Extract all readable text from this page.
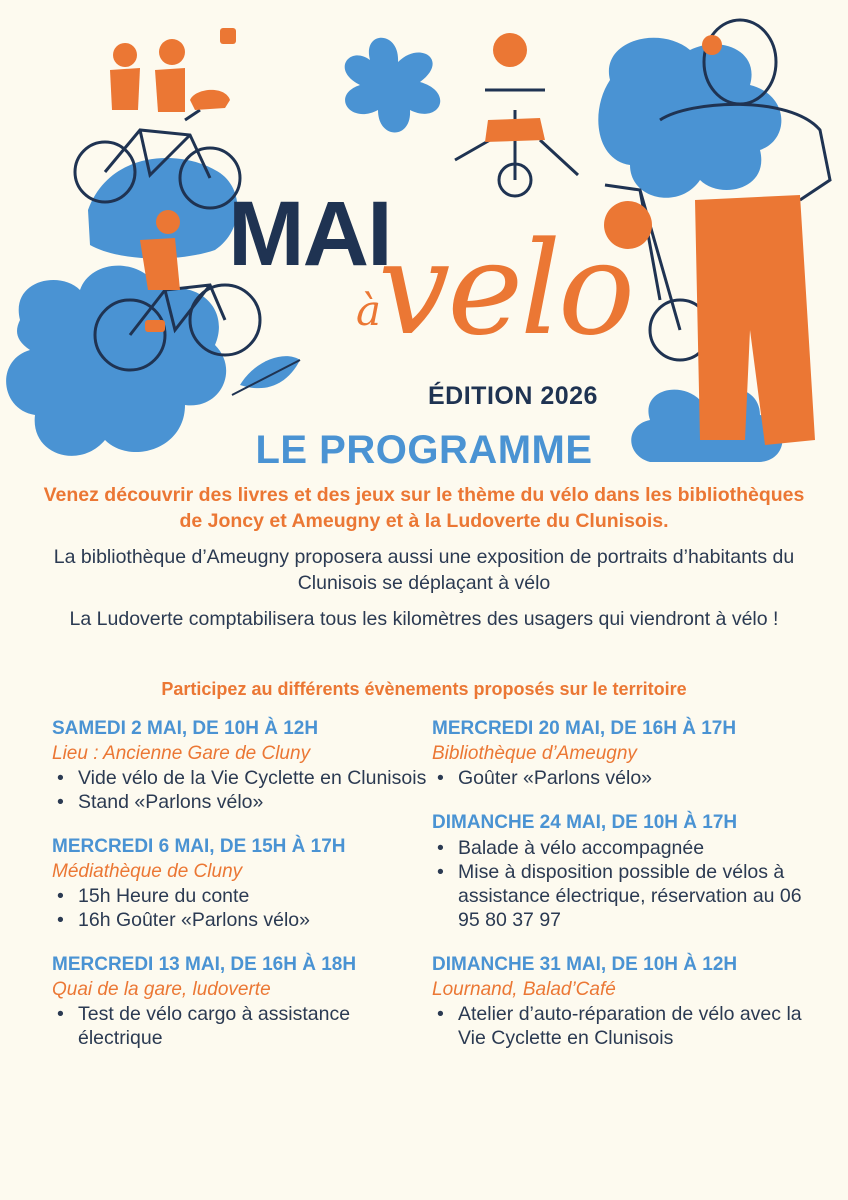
MAI
à
velo
ÉDITION 2026
LE PROGRAMME
Venez découvrir des livres et des jeux sur le thème du vélo dans les bibliothèques de Joncy et Ameugny et à la Ludoverte du Clunisois.
La bibliothèque d’Ameugny proposera aussi une exposition de portraits d’habitants du Clunisois se déplaçant à vélo
La Ludoverte comptabilisera tous les kilomètres des usagers qui viendront à vélo !
Participez au différents évènements proposés sur le territoire
SAMEDI 2 MAI, DE 10H À 12H
Lieu : Ancienne Gare de Cluny
• Vide vélo de la Vie Cyclette en Clunisois
• Stand «Parlons vélo»
MERCREDI 6 MAI, DE 15H À 17H
Médiathèque de Cluny
• 15h Heure du conte
• 16h Goûter «Parlons vélo»
MERCREDI 13 MAI, DE 16H À 18H
Quai de la gare, ludoverte
• Test de vélo cargo à assistance électrique
MERCREDI 20 MAI, DE 16H À 17H
Bibliothèque d’Ameugny
• Goûter «Parlons vélo»
DIMANCHE 24 MAI, DE 10H À 17H
• Balade à vélo accompagnée
• Mise à disposition possible de vélos à assistance électrique, réservation au 06 95 80 37 97
DIMANCHE 31 MAI, DE 10H À 12H
Lournand, Balad’Café
• Atelier d’auto-réparation de vélo avec la Vie Cyclette en Clunisois
